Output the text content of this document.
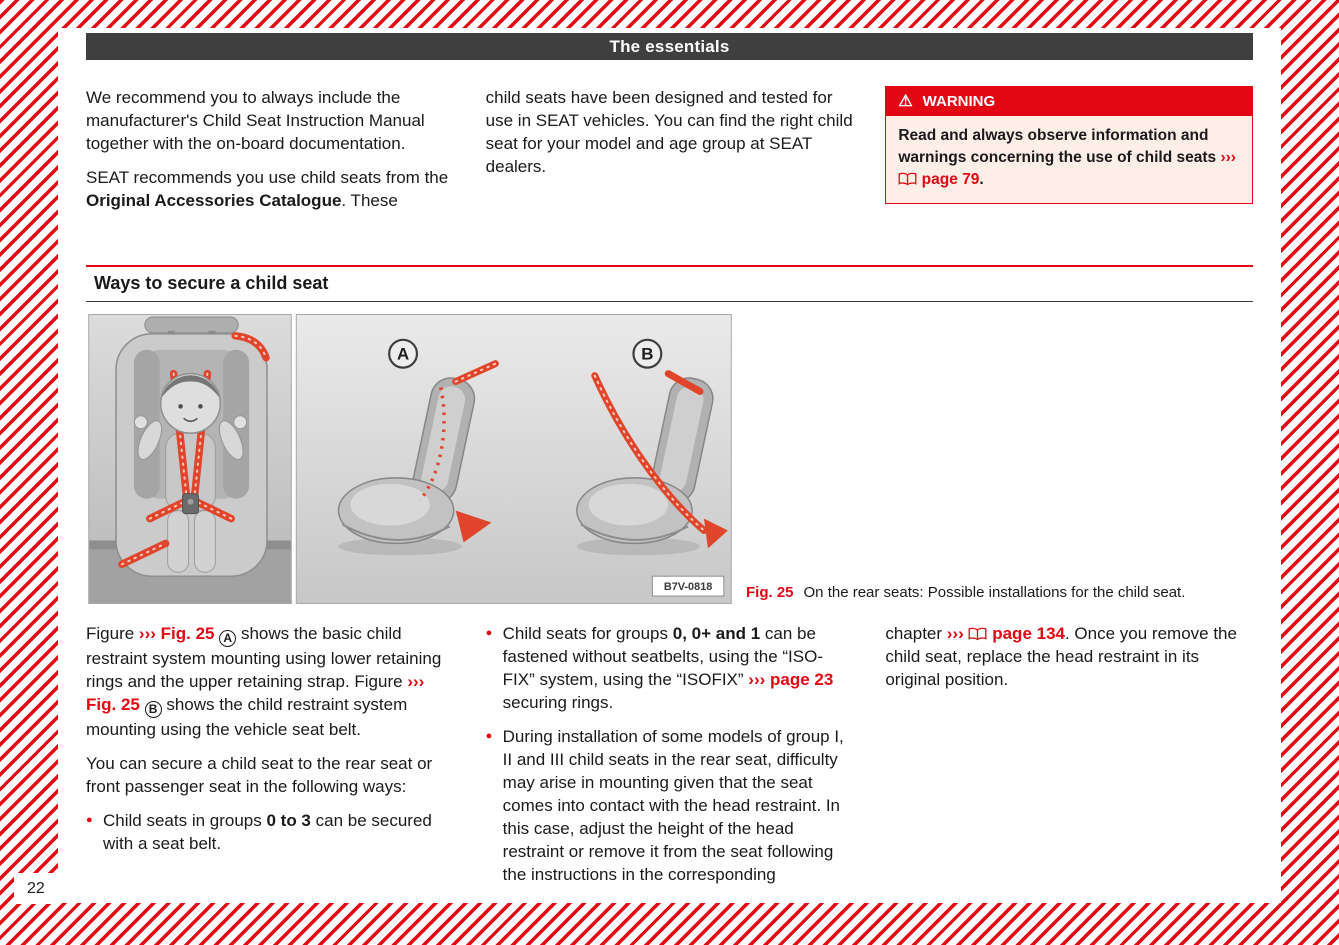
The essentials

We recommend you to always include the manufacturer's Child Seat Instruction Manual together with the on-board documentation.

SEAT recommends you use child seats from the Original Accessories Catalogue. These

child seats have been designed and tested for use in SEAT vehicles. You can find the right child seat for your model and age group at SEAT dealers.

⚠ WARNING
Read and always observe information and warnings concerning the use of child seats ›››  page 79.
Ways to secure a child seat
A	B
B7V-0818 Fig. 25 On the rear seats: Possible installations for the child seat.

Figure ››› Fig. 25 A shows the basic child restraint system mounting using lower retaining rings and the upper retaining strap. Figure ››› Fig. 25 B shows the child restraint system mounting using the vehicle seat belt.

You can secure a child seat to the rear seat or front passenger seat in the following ways:

● Child seats in groups 0 to 3 can be secured with a seat belt.
● Child seats for groups 0, 0+ and 1 can be fastened without seatbelts, using the “ISO-FIX” system, using the “ISOFIX” ››› page 23 securing rings.
● During installation of some models of group I, II and III child seats in the rear seat, difficulty may arise in mounting given that the seat comes into contact with the head restraint. In this case, adjust the height of the head restraint or remove it from the seat following the instructions in the corresponding

chapter ››› page 134. Once you remove the child seat, replace the head restraint in its original position.

22
